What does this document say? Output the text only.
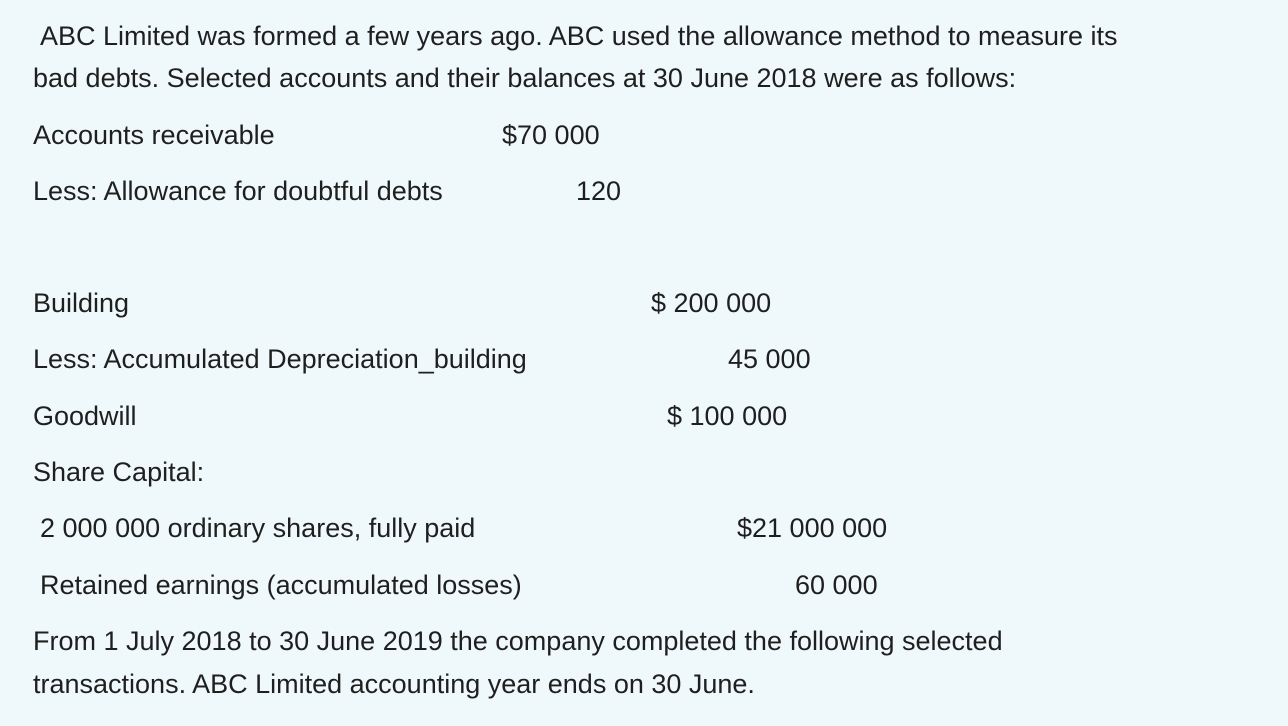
ABC Limited was formed a few years ago. ABC used the allowance method to measure its
bad debts. Selected accounts and their balances at 30 June 2018 were as follows:
Accounts receivable	$70 000
Less: Allowance for doubtful debts	120
Building	$ 200 000
Less: Accumulated Depreciation_building	45 000
Goodwill	$ 100 000
Share Capital:
2 000 000 ordinary shares, fully paid	$21 000 000
Retained earnings (accumulated losses)	60 000
From 1 July 2018 to 30 June 2019 the company completed the following selected
transactions. ABC Limited accounting year ends on 30 June.
